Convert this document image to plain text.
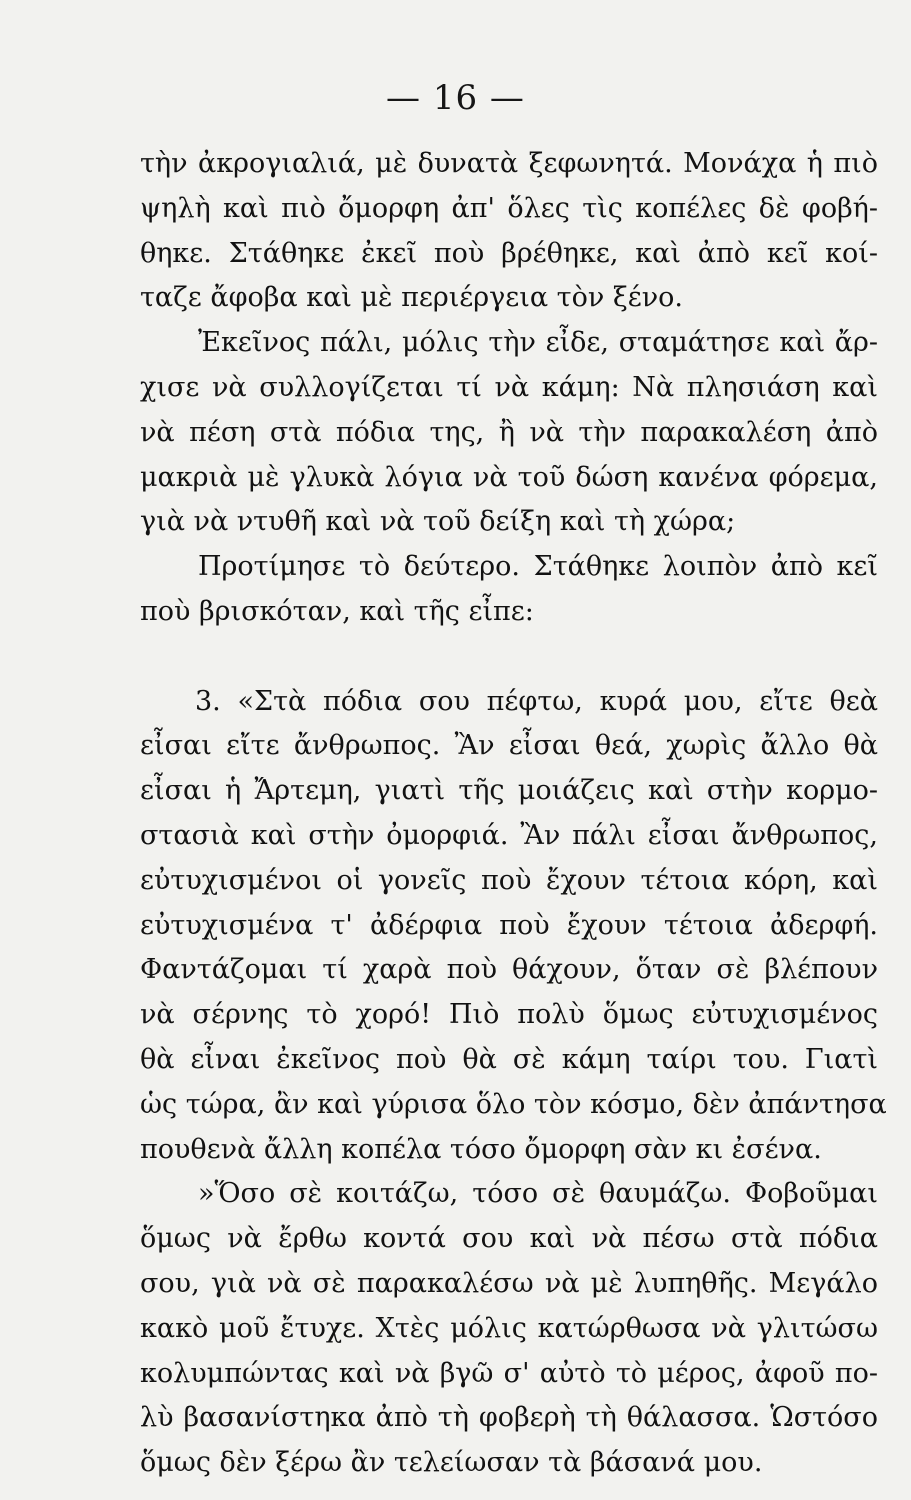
— 16 —
τὴν ἀκρογιαλιά, μὲ δυνατὰ ξεφωνητά. Μονάχα ἡ πιὸ
ψηλὴ καὶ πιὸ ὄμορφη ἀπ' ὅλες τὶς κοπέλες δὲ φοβή-
θηκε. Στάθηκε ἐκεῖ ποὺ βρέθηκε, καὶ ἀπὸ κεῖ κοί-
ταζε ἄφοβα καὶ μὲ περιέργεια τὸν ξένο.
Ἐκεῖνος πάλι, μόλις τὴν εἶδε, σταμάτησε καὶ ἄρ-
χισε νὰ συλλογίζεται τί νὰ κάμη: Νὰ πλησιάση καὶ
νὰ πέση στὰ πόδια της, ἢ νὰ τὴν παρακαλέση ἀπὸ
μακριὰ μὲ γλυκὰ λόγια νὰ τοῦ δώση κανένα φόρεμα,
γιὰ νὰ ντυθῆ καὶ νὰ τοῦ δείξη καὶ τὴ χώρα;
Προτίμησε τὸ δεύτερο. Στάθηκε λοιπὸν ἀπὸ κεῖ
ποὺ βρισκόταν, καὶ τῆς εἶπε:
3. «Στὰ πόδια σου πέφτω, κυρά μου, εἴτε θεὰ
εἶσαι εἴτε ἄνθρωπος. Ἂν εἶσαι θεά, χωρὶς ἄλλο θὰ
εἶσαι ἡ Ἄρτεμη, γιατὶ τῆς μοιάζεις καὶ στὴν κορμο-
στασιὰ καὶ στὴν ὀμορφιά. Ἂν πάλι εἶσαι ἄνθρωπος,
εὐτυχισμένοι οἱ γονεῖς ποὺ ἔχουν τέτοια κόρη, καὶ
εὐτυχισμένα τ' ἀδέρφια ποὺ ἔχουν τέτοια ἀδερφή.
Φαντάζομαι τί χαρὰ ποὺ θάχουν, ὅταν σὲ βλέπουν
νὰ σέρνης τὸ χορό! Πιὸ πολὺ ὅμως εὐτυχισμένος
θὰ εἶναι ἐκεῖνος ποὺ θὰ σὲ κάμη ταίρι του. Γιατὶ
ὡς τώρα, ἂν καὶ γύρισα ὅλο τὸν κόσμο, δὲν ἀπάντησα
πουθενὰ ἄλλη κοπέλα τόσο ὄμορφη σὰν κι ἐσένα.
»Ὅσο σὲ κοιτάζω, τόσο σὲ θαυμάζω. Φοβοῦμαι
ὅμως νὰ ἔρθω κοντά σου καὶ νὰ πέσω στὰ πόδια
σου, γιὰ νὰ σὲ παρακαλέσω νὰ μὲ λυπηθῆς. Μεγάλο
κακὸ μοῦ ἔτυχε. Χτὲς μόλις κατώρθωσα νὰ γλιτώσω
κολυμπώντας καὶ νὰ βγῶ σ' αὐτὸ τὸ μέρος, ἀφοῦ πο-
λὺ βασανίστηκα ἀπὸ τὴ φοβερὴ τὴ θάλασσα. Ὡστόσο
ὅμως δὲν ξέρω ἂν τελείωσαν τὰ βάσανά μου.
